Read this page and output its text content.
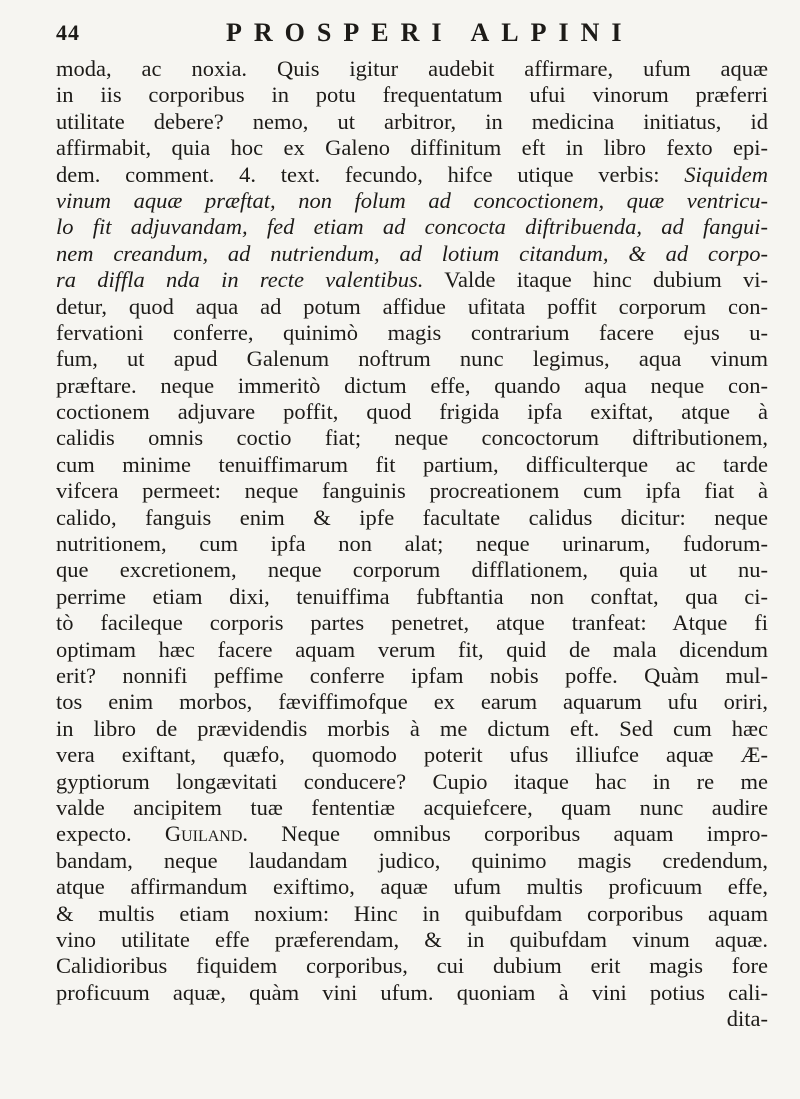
44	PROSPERI ALPINI
moda, ac noxia. Quis igitur audebit affirmare, ufum aquæ
in iis corporibus in potu frequentatum ufui vinorum præferri
utilitate debere? nemo, ut arbitror, in medicina initiatus, id
affirmabit, quia hoc ex Galeno diffinitum eft in libro fexto epi-
dem. comment. 4. text. fecundo, hifce utique verbis: Siquidem
vinum aquæ præftat, non folum ad concoctionem, quæ ventricu-
lo fit adjuvandam, fed etiam ad concocta diftribuenda, ad fangui-
nem creandum, ad nutriendum, ad lotium citandum, & ad corpo-
ra diffla nda in recte valentibus. Valde itaque hinc dubium vi-
detur, quod aqua ad potum affidue ufitata poffit corporum con-
fervationi conferre, quinimò magis contrarium facere ejus u-
fum, ut apud Galenum noftrum nunc legimus, aqua vinum
præftare. neque immeritò dictum effe, quando aqua neque con-
coctionem adjuvare poffit, quod frigida ipfa exiftat, atque à
calidis omnis coctio fiat; neque concoctorum diftributionem,
cum minime tenuiffimarum fit partium, difficulterque ac tarde
vifcera permeet: neque fanguinis procreationem cum ipfa fiat à
calido, fanguis enim & ipfe facultate calidus dicitur: neque
nutritionem, cum ipfa non alat; neque urinarum, fudorum-
que excretionem, neque corporum difflationem, quia ut nu-
perrime etiam dixi, tenuiffima fubftantia non conftat, qua ci-
tò facileque corporis partes penetret, atque tranfeat: Atque fi
optimam hæc facere aquam verum fit, quid de mala dicendum
erit? nonnifi peffime conferre ipfam nobis poffe. Quàm mul-
tos enim morbos, fæviffimofque ex earum aquarum ufu oriri,
in libro de prævidendis morbis à me dictum eft. Sed cum hæc
vera exiftant, quæfo, quomodo poterit ufus illiufce aquæ Æ-
gyptiorum longævitati conducere? Cupio itaque hac in re me
valde ancipitem tuæ fententiæ acquiefcere, quam nunc audire
expecto. Guiland. Neque omnibus corporibus aquam impro-
bandam, neque laudandam judico, quinimo magis credendum,
atque affirmandum exiftimo, aquæ ufum multis proficuum effe,
& multis etiam noxium: Hinc in quibufdam corporibus aquam
vino utilitate effe præferendam, & in quibufdam vinum aquæ.
Calidioribus fiquidem corporibus, cui dubium erit magis fore
proficuum aquæ, quàm vini ufum. quoniam à vini potius cali-
dita-
